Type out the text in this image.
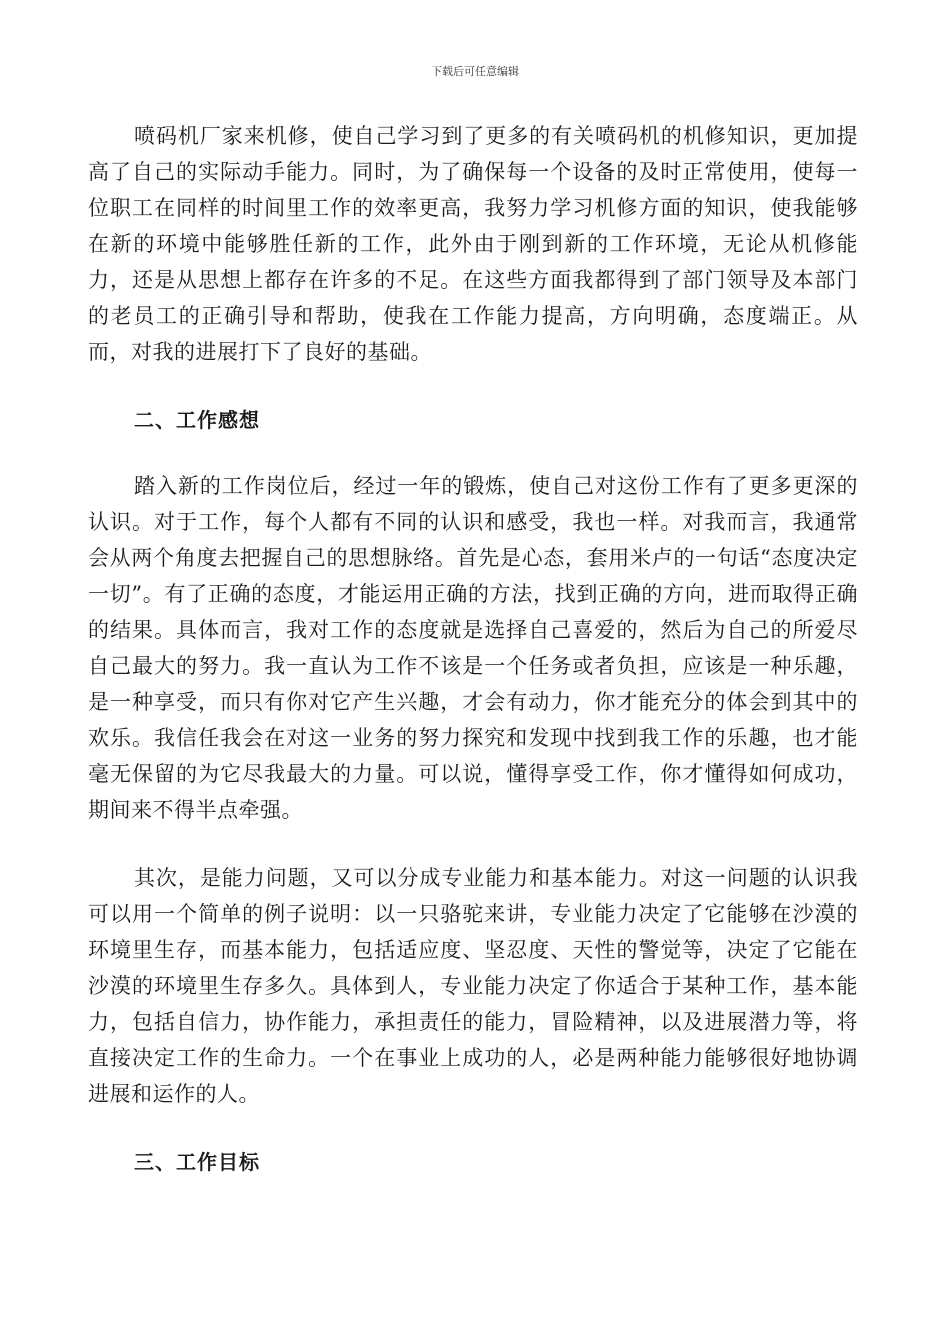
下载后可任意编辑

喷码机厂家来机修，使自己学习到了更多的有关喷码机的机修知识，更加提高了自己的实际动手能力。同时，为了确保每一个设备的及时正常使用，使每一位职工在同样的时间里工作的效率更高，我努力学习机修方面的知识，使我能够在新的环境中能够胜任新的工作，此外由于刚到新的工作环境，无论从机修能力，还是从思想上都存在许多的不足。在这些方面我都得到了部门领导及本部门的老员工的正确引导和帮助，使我在工作能力提高，方向明确，态度端正。从而，对我的进展打下了良好的基础。

二、工作感想

踏入新的工作岗位后，经过一年的锻炼，使自己对这份工作有了更多更深的认识。对于工作，每个人都有不同的认识和感受，我也一样。对我而言，我通常会从两个角度去把握自己的思想脉络。首先是心态，套用米卢的一句话“态度决定一切”。有了正确的态度，才能运用正确的方法，找到正确的方向，进而取得正确的结果。具体而言，我对工作的态度就是选择自己喜爱的，然后为自己的所爱尽自己最大的努力。我一直认为工作不该是一个任务或者负担，应该是一种乐趣，是一种享受，而只有你对它产生兴趣，才会有动力，你才能充分的体会到其中的欢乐。我信任我会在对这一业务的努力探究和发现中找到我工作的乐趣，也才能毫无保留的为它尽我最大的力量。可以说，懂得享受工作，你才懂得如何成功，期间来不得半点牵强。

其次，是能力问题，又可以分成专业能力和基本能力。对这一问题的认识我可以用一个简单的例子说明：以一只骆驼来讲，专业能力决定了它能够在沙漠的环境里生存，而基本能力，包括适应度、坚忍度、天性的警觉等，决定了它能在沙漠的环境里生存多久。具体到人，专业能力决定了你适合于某种工作，基本能力，包括自信力，协作能力，承担责任的能力，冒险精神，以及进展潜力等，将直接决定工作的生命力。一个在事业上成功的人，必是两种能力能够很好地协调进展和运作的人。

三、工作目标
